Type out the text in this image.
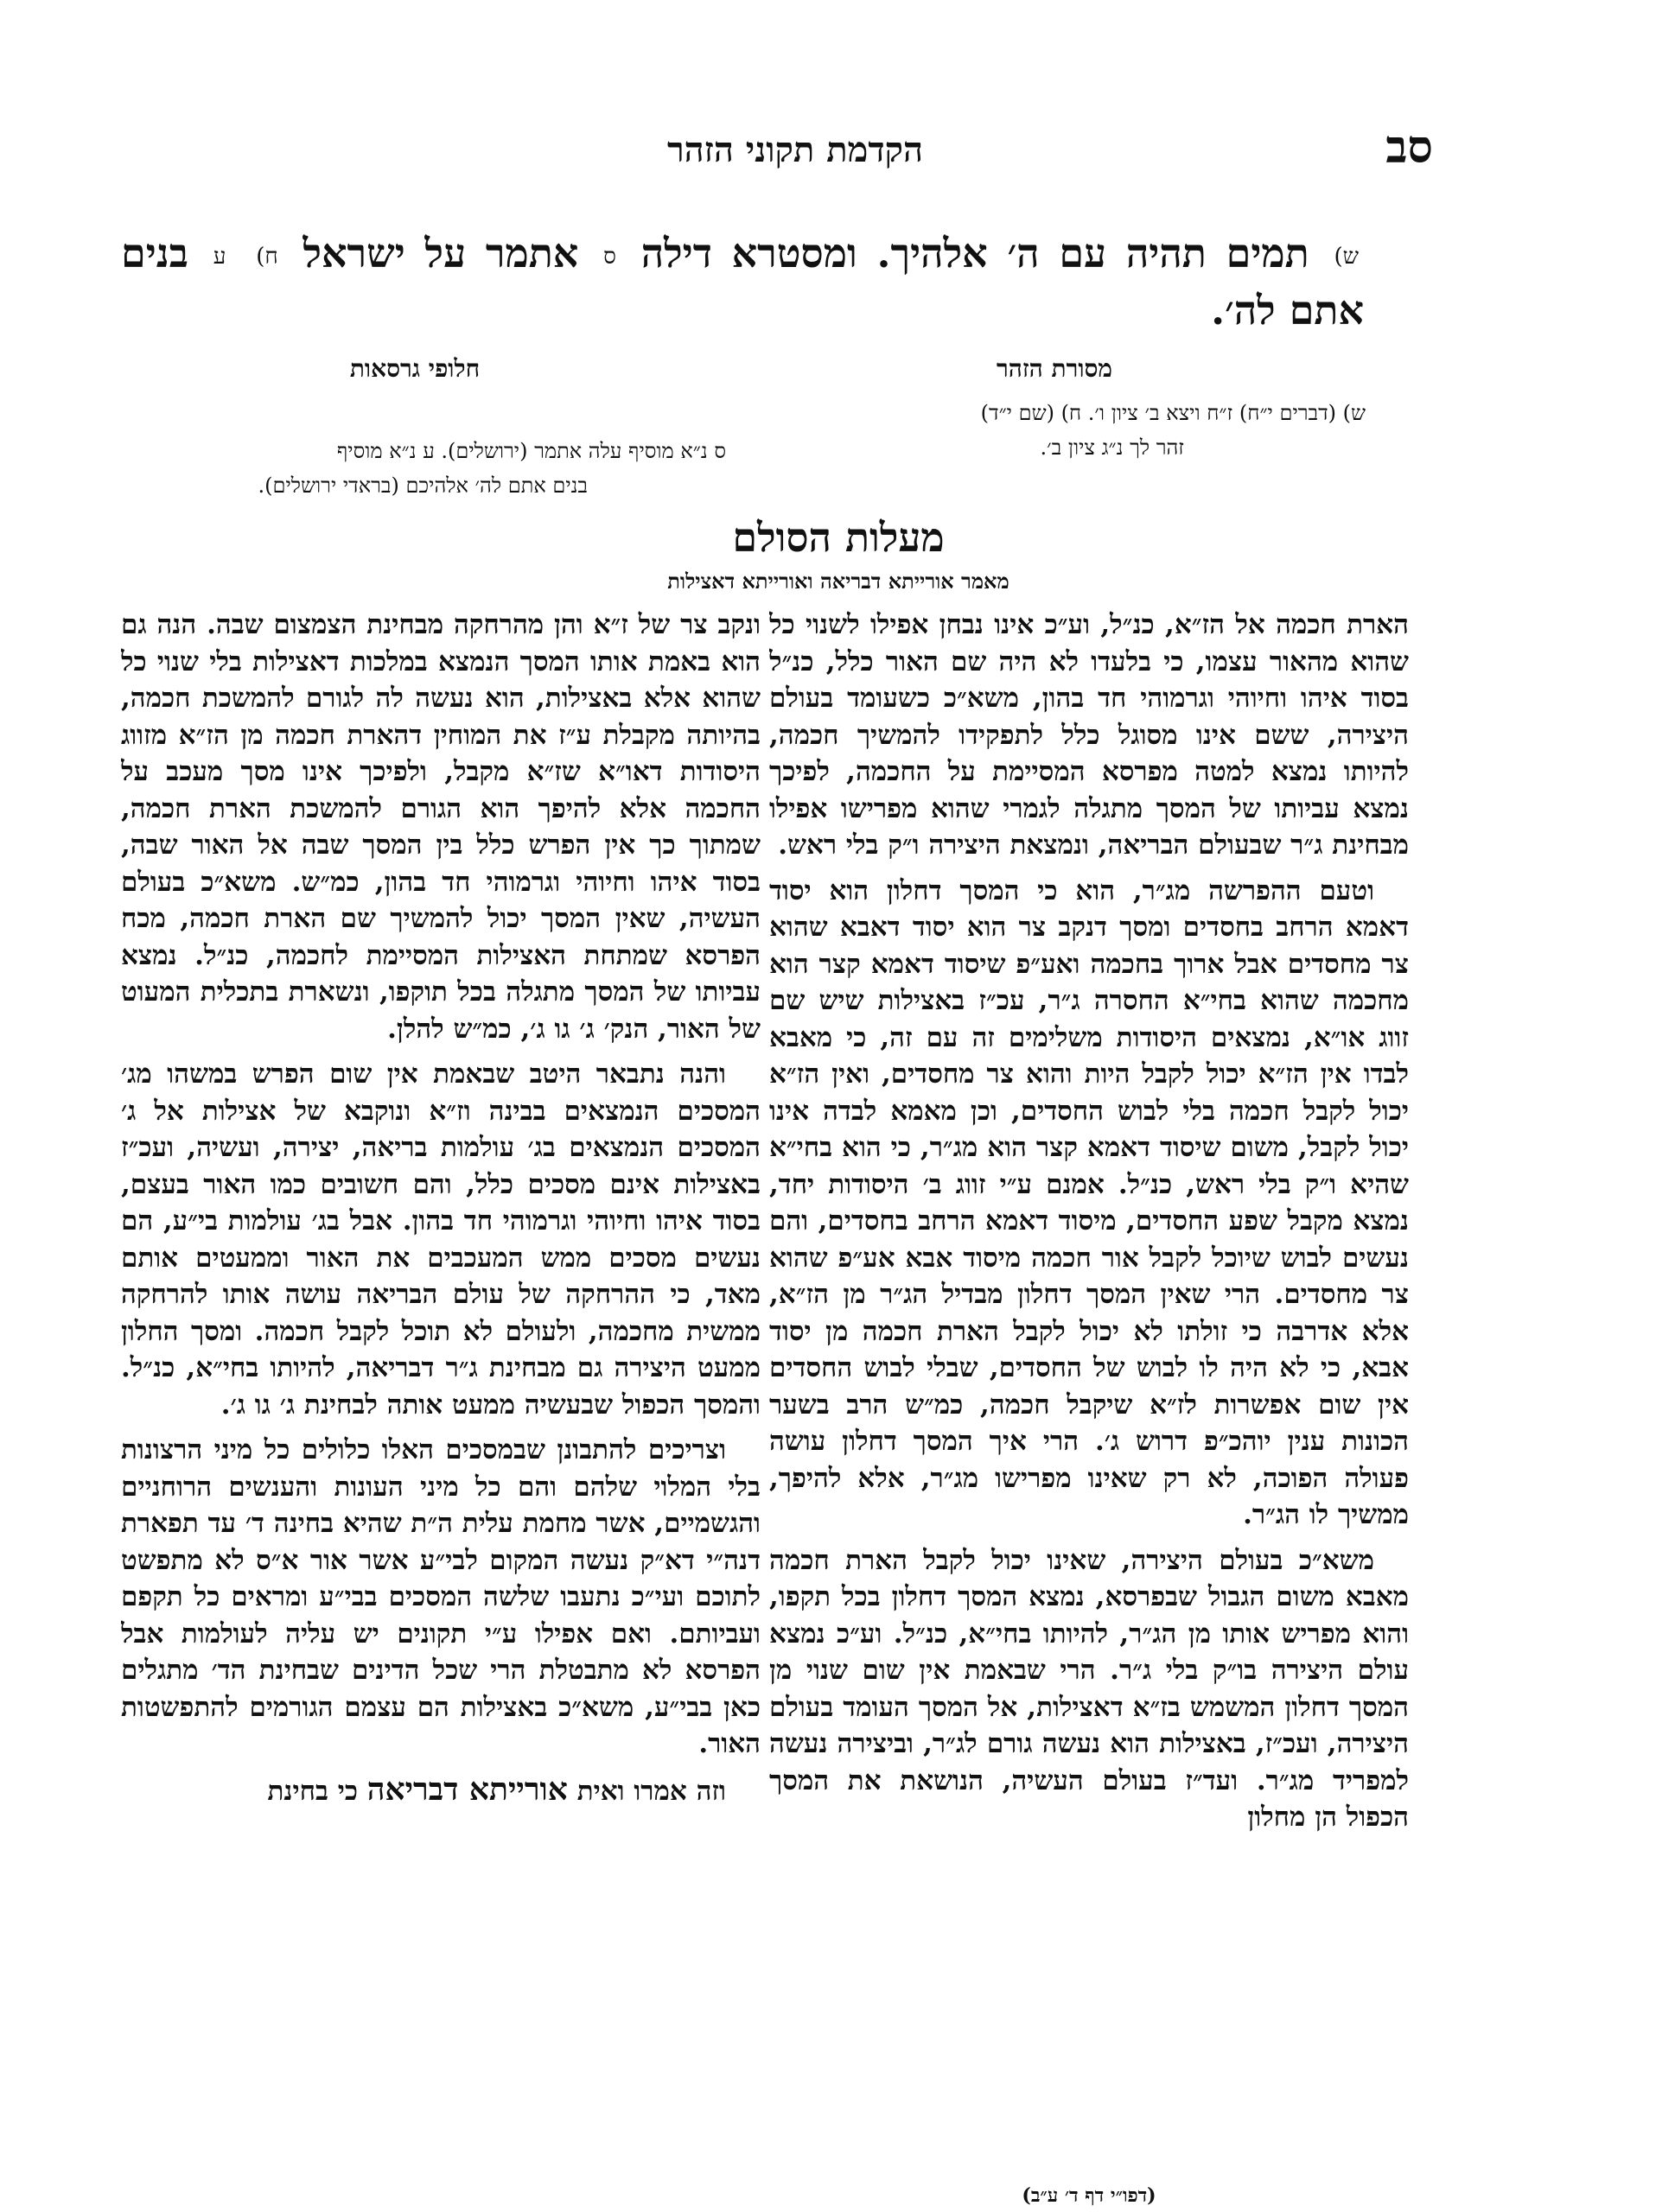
סב
הקדמת תקוני הזהר
ש) תמים תהיה עם ה׳ אלהיך. ומסטרא דילה ס אתמר על ישראל ח) ע בנים אתם לה׳.
מסורת הזהר
חלופי גרסאות
ש) (דברים י״ח) ז״ח ויצא ב׳ ציון ו׳. ח) (שם י״ד)
זהר לך נ״ג ציון ב׳.
ס נ״א מוסיף עלה אתמר (ירושלים). ע נ״א מוסיף
בנים אתם לה׳ אלהיכם (בראדי ירושלים).
מעלות הסולם
מאמר אורייתא דבריאה ואורייתא דאצילות

הארת חכמה אל הז״א, כנ״ל, וע״כ אינו נבחן אפילו לשנוי כל שהוא מהאור עצמו, כי בלעדו לא היה שם האור כלל, כנ״ל בסוד איהו וחיוהי וגרמוהי חד בהון, משא״כ כשעומד בעולם היצירה, ששם אינו מסוגל כלל לתפקידו להמשיך חכמה, להיותו נמצא למטה מפרסא המסיימת על החכמה, לפיכך נמצא עביותו של המסך מתגלה לגמרי שהוא מפרישו אפילו מבחינת ג״ר שבעולם הבריאה, ונמצאת היצירה ו״ק בלי ראש.

וטעם ההפרשה מג״ר, הוא כי המסך דחלון הוא יסוד דאמא הרחב בחסדים ומסך דנקב צר הוא יסוד דאבא שהוא צר מחסדים אבל ארוך בחכמה ואע״פ שיסוד דאמא קצר הוא מחכמה שהוא בחי״א החסרה ג״ר, עכ״ז באצילות שיש שם זווג או״א, נמצאים היסודות משלימים זה עם זה, כי מאבא לבדו אין הז״א יכול לקבל היות והוא צר מחסדים, ואין הז״א יכול לקבל חכמה בלי לבוש החסדים, וכן מאמא לבדה אינו יכול לקבל, משום שיסוד דאמא קצר הוא מג״ר, כי הוא בחי״א שהיא ו״ק בלי ראש, כנ״ל. אמנם ע״י זווג ב׳ היסודות יחד, נמצא מקבל שפע החסדים, מיסוד דאמא הרחב בחסדים, והם נעשים לבוש שיוכל לקבל אור חכמה מיסוד אבא אע״פ שהוא צר מחסדים. הרי שאין המסך דחלון מבדיל הג״ר מן הז״א, אלא אדרבה כי זולתו לא יכול לקבל הארת חכמה מן יסוד אבא, כי לא היה לו לבוש של החסדים, שבלי לבוש החסדים אין שום אפשרות לז״א שיקבל חכמה, כמ״ש הרב בשער הכונות ענין יוהכ״פ דרוש ג׳. הרי איך המסך דחלון עושה פעולה הפוכה, לא רק שאינו מפרישו מג״ר, אלא להיפך, ממשיך לו הג״ר.

משא״כ בעולם היצירה, שאינו יכול לקבל הארת חכמה מאבא משום הגבול שבפרסא, נמצא המסך דחלון בכל תקפו, והוא מפריש אותו מן הג״ר, להיותו בחי״א, כנ״ל. וע״כ נמצא עולם היצירה בו״ק בלי ג״ר. הרי שבאמת אין שום שנוי מן המסך דחלון המשמש בז״א דאצילות, אל המסך העומד בעולם היצירה, ועכ״ז, באצילות הוא נעשה גורם לג״ר, וביצירה נעשה למפריד מג״ר. ועד״ז בעולם העשיה, הנושאת את המסך הכפול הן מחלון

ונקב צר של ז״א והן מהרחקה מבחינת הצמצום שבה. הנה גם הוא באמת אותו המסך הנמצא במלכות דאצילות בלי שנוי כל שהוא אלא באצילות, הוא נעשה לה לגורם להמשכת חכמה, בהיותה מקבלת ע״ז את המוחין דהארת חכמה מן הז״א מזווג היסודות דאו״א שז״א מקבל, ולפיכך אינו מסך מעכב על החכמה אלא להיפך הוא הגורם להמשכת הארת חכמה, שמתוך כך אין הפרש כלל בין המסך שבה אל האור שבה, בסוד איהו וחיוהי וגרמוהי חד בהון, כמ״ש. משא״כ בעולם העשיה, שאין המסך יכול להמשיך שם הארת חכמה, מכח הפרסא שמתחת האצילות המסיימת לחכמה, כנ״ל. נמצא עביותו של המסך מתגלה בכל תוקפו, ונשארת בתכלית המעוט של האור, הנק׳ ג׳ גו ג׳, כמ״ש להלן.

והנה נתבאר היטב שבאמת אין שום הפרש במשהו מג׳ המסכים הנמצאים בבינה וז״א ונוקבא של אצילות אל ג׳ המסכים הנמצאים בג׳ עולמות בריאה, יצירה, ועשיה, ועכ״ז באצילות אינם מסכים כלל, והם חשובים כמו האור בעצם, בסוד איהו וחיוהי וגרמוהי חד בהון. אבל בג׳ עולמות בי״ע, הם נעשים מסכים ממש המעכבים את האור וממעטים אותם מאד, כי ההרחקה של עולם הבריאה עושה אותו להרחקה ממשית מחכמה, ולעולם לא תוכל לקבל חכמה. ומסך החלון ממעט היצירה גם מבחינת ג״ר דבריאה, להיותו בחי״א, כנ״ל. והמסך הכפול שבעשיה ממעט אותה לבחינת ג׳ גו ג׳.

וצריכים להתבונן שבמסכים האלו כלולים כל מיני הרצונות בלי המלוי שלהם והם כל מיני העונות והענשים הרוחניים והגשמיים, אשר מחמת עלית ה״ת שהיא בחינה ד׳ עד תפארת דנה״י דא״ק נעשה המקום לבי״ע אשר אור א״ס לא מתפשט לתוכם ועי״כ נתעבו שלשה המסכים בבי״ע ומראים כל תקפם ועביותם. ואם אפילו ע״י תקונים יש עליה לעולמות אבל הפרסא לא מתבטלת הרי שכל הדינים שבחינת הד׳ מתגלים כאן בבי״ע, משא״כ באצילות הם עצמם הגורמים להתפשטות האור.

וזה אמרו ואית אורייתא דבריאה כי בחינת

(דפו״י דף ד׳ ע״ב)
